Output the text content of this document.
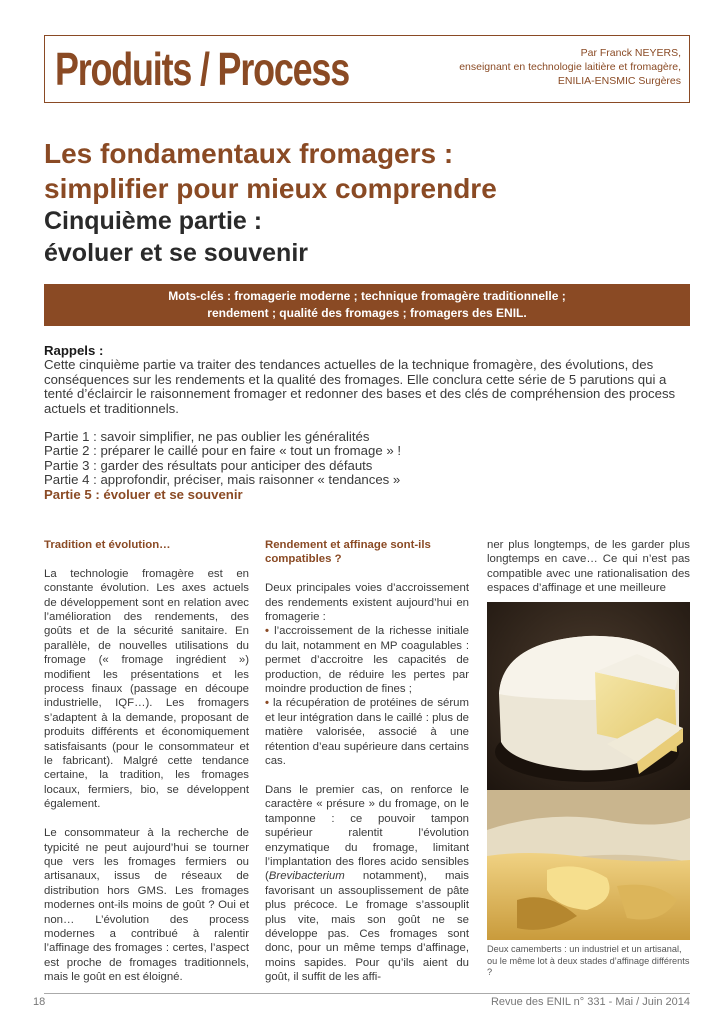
Produits / Process	Par Franck NEYERS,
enseignant en technologie laitière et fromagère,
ENILIA-ENSMIC Surgères
Les fondamentaux fromagers :
simplifier pour mieux comprendre
Cinquième partie :
évoluer et se souvenir
Mots-clés : fromagerie moderne ; technique fromagère traditionnelle ;
rendement ; qualité des fromages ; fromagers des ENIL.

Rappels :

Cette cinquième partie va traiter des tendances actuelles de la technique fromagère, des évolutions, des conséquences sur les rendements et la qualité des fromages. Elle conclura cette série de 5 parutions qui a tenté d’éclaircir le raisonnement fromager et redonner des bases et des clés de compréhension des process actuels et traditionnels.

Partie 1 : savoir simplifier, ne pas oublier les généralités

Partie 2 : préparer le caillé pour en faire « tout un fromage » !

Partie 3 : garder des résultats pour anticiper des défauts

Partie 4 : approfondir, préciser, mais raisonner « tendances »

Partie 5 : évoluer et se souvenir

Tradition et évolution…

La technologie fromagère est en constante évolution. Les axes actuels de développement sont en relation avec l’amélioration des rendements, des goûts et de la sécurité sanitaire. En parallèle, de nouvelles utilisations du fromage (« fromage ingrédient ») modifient les présentations et les process finaux (passage en découpe industrielle, IQF…). Les fromagers s’adaptent à la demande, proposant de produits différents et économiquement satisfaisants (pour le consommateur et le fabricant). Malgré cette tendance certaine, la tradition, les fromages locaux, fermiers, bio, se développent également.

Le consommateur à la recherche de typicité ne peut aujourd’hui se tourner que vers les fromages fermiers ou artisanaux, issus de réseaux de distribution hors GMS. Les fromages modernes ont-ils moins de goût ? Oui et non… L’évolution des process modernes a contribué à ralentir l’affinage des fromages : certes, l’aspect est proche de fromages traditionnels, mais le goût en est éloigné.

Rendement et affinage sont-ils compatibles ?

Deux principales voies d’accroissement des rendements existent aujourd’hui en fromagerie :

• l’accroissement de la richesse initiale du lait, notamment en MP coagulables : permet d’accroitre les capacités de production, de réduire les pertes par moindre production de fines ;

• la récupération de protéines de sérum et leur intégration dans le caillé : plus de matière valorisée, associé à une rétention d’eau supérieure dans certains cas.

Dans le premier cas, on renforce le caractère « présure » du fromage, on le tamponne : ce pouvoir tampon supérieur ralentit l’évolution enzymatique du fromage, limitant l’implantation des flores acido sensibles (Brevibacterium notamment), mais favorisant un assouplissement de pâte plus précoce. Le fromage s’assouplit plus vite, mais son goût ne se développe pas. Ces fromages sont donc, pour un même temps d’affinage, moins sapides. Pour qu’ils aient du goût, il suffit de les affi-

ner plus longtemps, de les garder plus longtemps en cave… Ce qui n’est pas compatible avec une rationalisation des espaces d’affinage et une meilleure

Deux camemberts : un industriel et un artisanal, ou le même lot à deux stades d’affinage différents ?
18	Revue des ENIL n° 331 - Mai / Juin 2014
